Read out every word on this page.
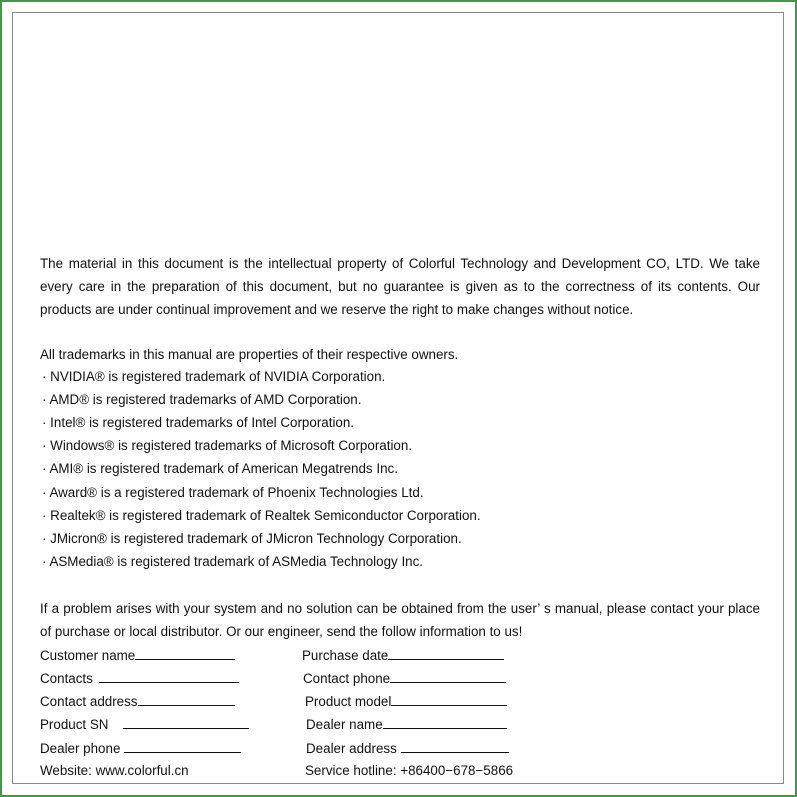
The material in this document is the intellectual property of Colorful Technology and Development CO, LTD. We take every care in the preparation of this document, but no guarantee is given as to the correctness of its contents. Our products are under continual improvement and we reserve the right to make changes without notice.

All trademarks in this manual are properties of their respective owners.

· NVIDIA® is registered trademark of NVIDIA Corporation.
· AMD® is registered trademarks of AMD Corporation.
· Intel® is registered trademarks of Intel Corporation.
· Windows® is registered trademarks of Microsoft Corporation.
· AMI® is registered trademark of American Megatrends Inc.
· Award® is a registered trademark of Phoenix Technologies Ltd.
· Realtek® is registered trademark of Realtek Semiconductor Corporation.
· JMicron® is registered trademark of JMicron Technology Corporation.
· ASMedia® is registered trademark of ASMedia Technology Inc.

If a problem arises with your system and no solution can be obtained from the user’ s manual, please contact your place of purchase or local distributor. Or our engineer, send the follow information to us!

Customer name	Purchase date
Contacts	Contact phone
Contact address	Product model
Product SN	Dealer name
Dealer phone	Dealer address
Website: www.colorful.cn	Service hotline: +86400−678−5866
